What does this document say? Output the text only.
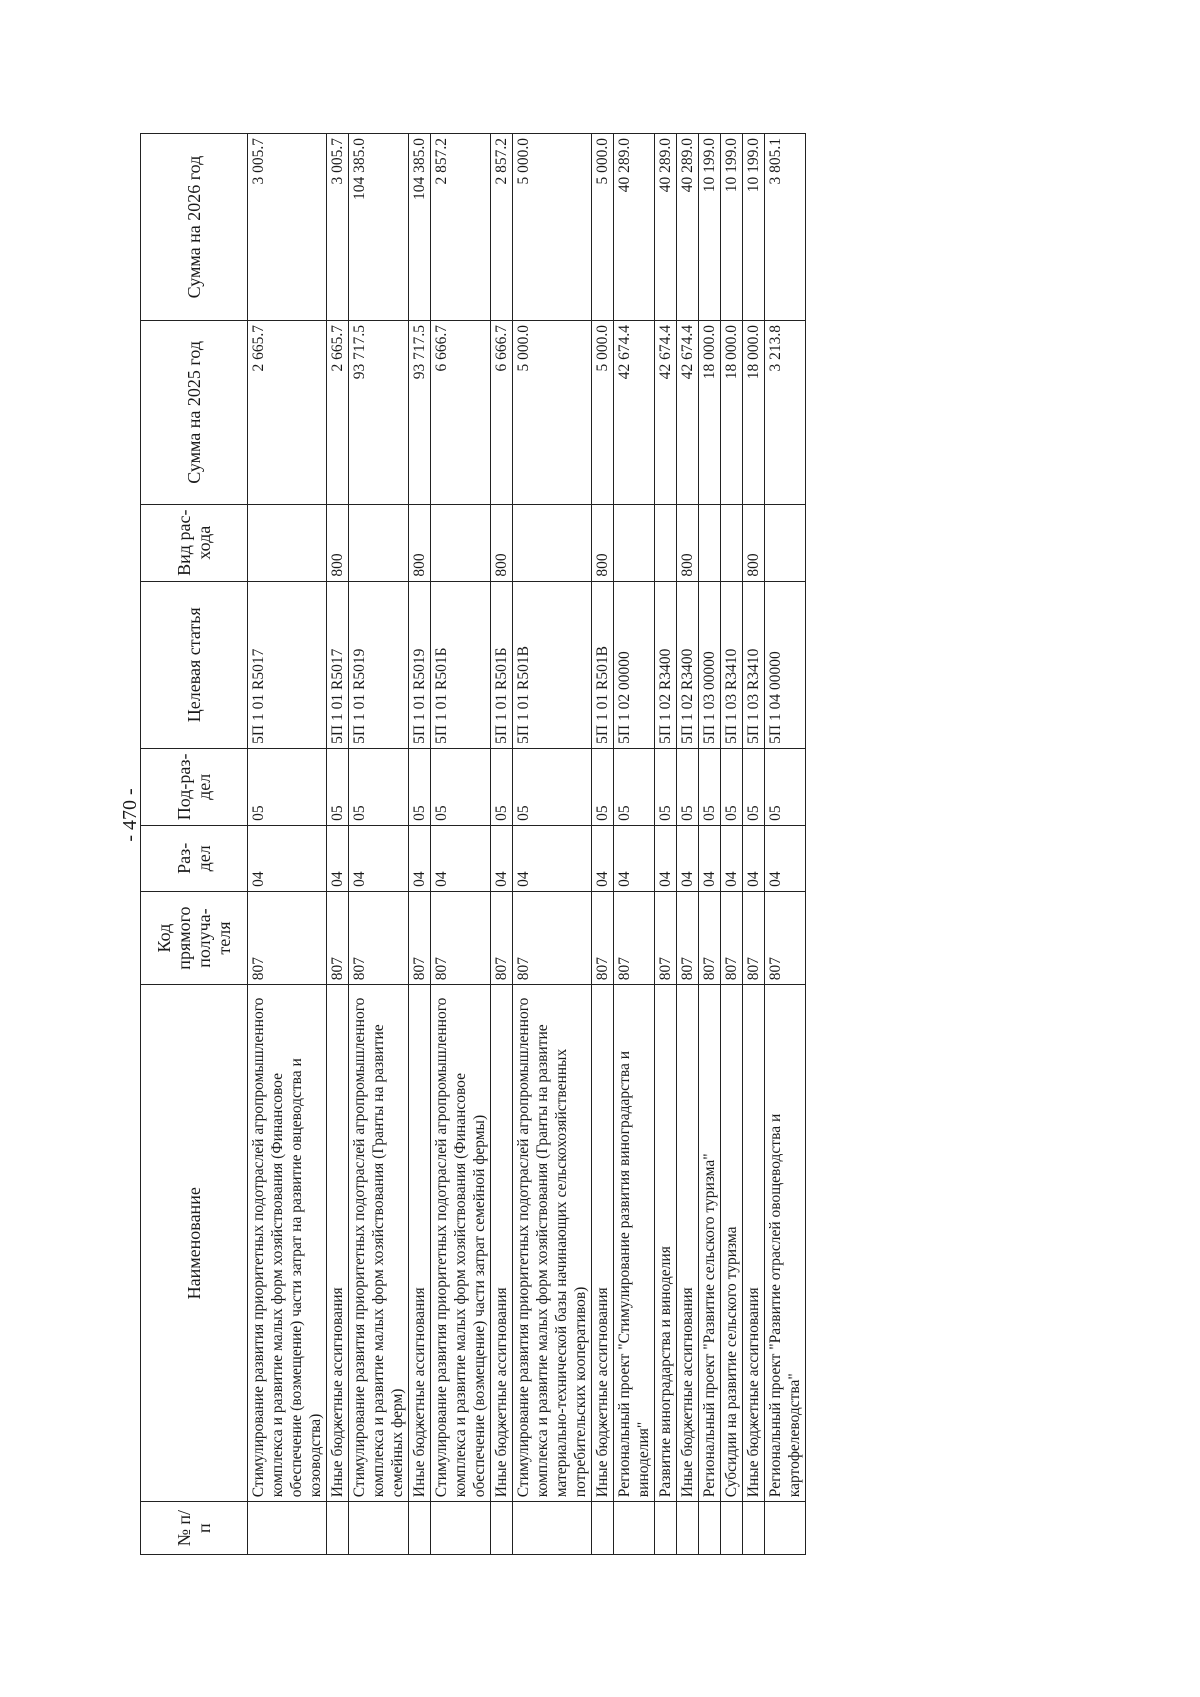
- 470 -
№ п/п	Наименование	Код прямого получа-теля	Раз-дел	Под-раз-дел	Целевая статья	Вид рас-хода	Сумма на 2025 год	Сумма на 2026 год
	Стимулирование развития приоритетных подотраслей агропромышленного комплекса и развитие малых форм хозяйствования (Финансовое обеспечение (возмещение) части затрат на развитие овцеводства и козоводства)	807	04	05	5П 1 01 R5017		2 665.7	3 005.7
	Иные бюджетные ассигнования	807	04	05	5П 1 01 R5017	800	2 665.7	3 005.7
	Стимулирование развития приоритетных подотраслей агропромышленного комплекса и развитие малых форм хозяйствования (Гранты на развитие семейных ферм)	807	04	05	5П 1 01 R5019		93 717.5	104 385.0
	Иные бюджетные ассигнования	807	04	05	5П 1 01 R5019	800	93 717.5	104 385.0
	Стимулирование развития приоритетных подотраслей агропромышленного комплекса и развитие малых форм хозяйствования (Финансовое обеспечение (возмещение) части затрат семейной фермы)	807	04	05	5П 1 01 R501Б		6 666.7	2 857.2
	Иные бюджетные ассигнования	807	04	05	5П 1 01 R501Б	800	6 666.7	2 857.2
	Стимулирование развития приоритетных подотраслей агропромышленного комплекса и развитие малых форм хозяйствования (Гранты на развитие материально-технической базы начинающих сельскохозяйственных потребительских кооперативов)	807	04	05	5П 1 01 R501В		5 000.0	5 000.0
	Иные бюджетные ассигнования	807	04	05	5П 1 01 R501В	800	5 000.0	5 000.0
	Региональный проект "Стимулирование развития виноградарства и виноделия"	807	04	05	5П 1 02 00000		42 674.4	40 289.0
	Развитие виноградарства и виноделия	807	04	05	5П 1 02 R3400		42 674.4	40 289.0
	Иные бюджетные ассигнования	807	04	05	5П 1 02 R3400	800	42 674.4	40 289.0
	Региональный проект "Развитие сельского туризма"	807	04	05	5П 1 03 00000		18 000.0	10 199.0
	Субсидии на развитие сельского туризма	807	04	05	5П 1 03 R3410		18 000.0	10 199.0
	Иные бюджетные ассигнования	807	04	05	5П 1 03 R3410	800	18 000.0	10 199.0
	Региональный проект "Развитие отраслей овощеводства и картофелеводства"	807	04	05	5П 1 04 00000		3 213.8	3 805.1
